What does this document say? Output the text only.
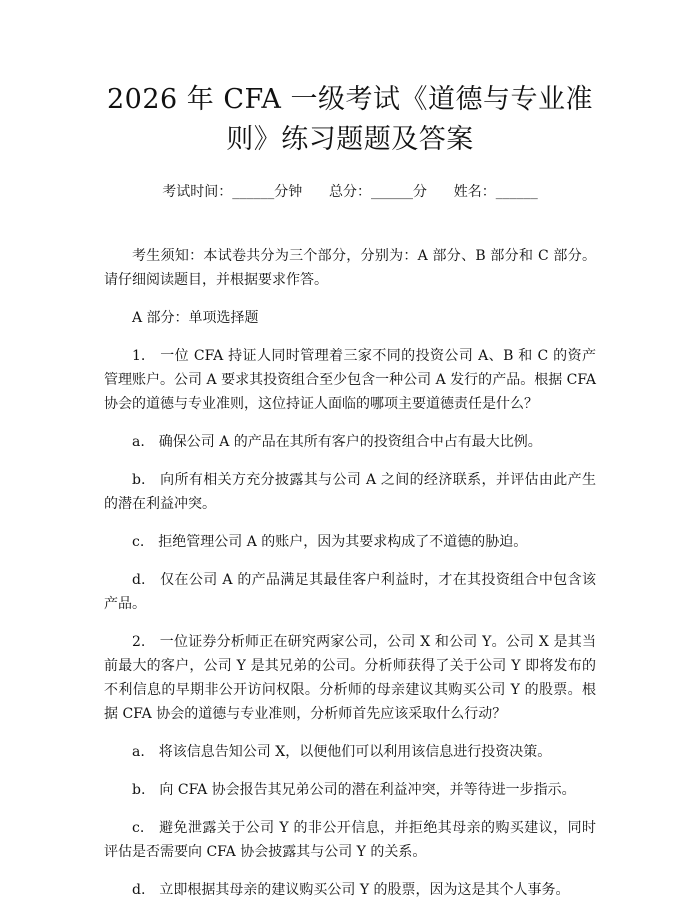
2026 年 CFA 一级考试《道德与专业准则》练习题题及答案
考试时间：______分钟 总分：______分 姓名：______

考生须知：本试卷共分为三个部分，分别为：A 部分、B 部分和 C 部分。请仔细阅读题目，并根据要求作答。

A 部分：单项选择题

1.　一位 CFA 持证人同时管理着三家不同的投资公司 A、B 和 C 的资产管理账户。公司 A 要求其投资组合至少包含一种公司 A 发行的产品。根据 CFA 协会的道德与专业准则，这位持证人面临的哪项主要道德责任是什么？

a.　确保公司 A 的产品在其所有客户的投资组合中占有最大比例。

b.　向所有相关方充分披露其与公司 A 之间的经济联系，并评估由此产生的潜在利益冲突。

c.　拒绝管理公司 A 的账户，因为其要求构成了不道德的胁迫。

d.　仅在公司 A 的产品满足其最佳客户利益时，才在其投资组合中包含该产品。

2.　一位证券分析师正在研究两家公司，公司 X 和公司 Y。公司 X 是其当前最大的客户，公司 Y 是其兄弟的公司。分析师获得了关于公司 Y 即将发布的不利信息的早期非公开访问权限。分析师的母亲建议其购买公司 Y 的股票。根据 CFA 协会的道德与专业准则，分析师首先应该采取什么行动？

a.　将该信息告知公司 X，以便他们可以利用该信息进行投资决策。

b.　向 CFA 协会报告其兄弟公司的潜在利益冲突，并等待进一步指示。

c.　避免泄露关于公司 Y 的非公开信息，并拒绝其母亲的购买建议，同时评估是否需要向 CFA 协会披露其与公司 Y 的关系。

d.　立即根据其母亲的建议购买公司 Y 的股票，因为这是其个人事务。
